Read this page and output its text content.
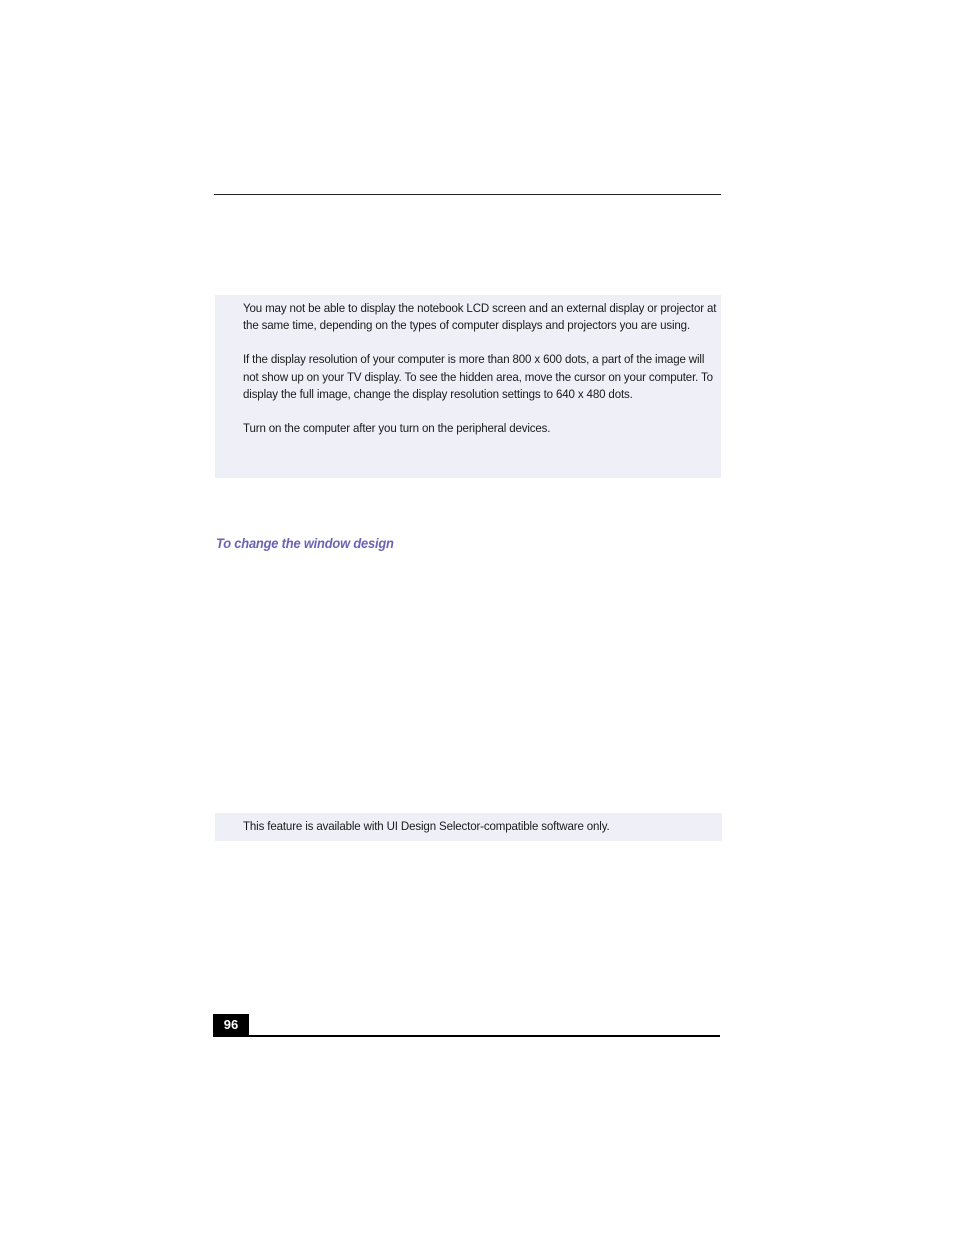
You may not be able to display the notebook LCD screen and an external display or projector at the same time, depending on the types of computer displays and projectors you are using.

If the display resolution of your computer is more than 800 x 600 dots, a part of the image will not show up on your TV display. To see the hidden area, move the cursor on your computer. To display the full image, change the display resolution settings to 640 x 480 dots.

Turn on the computer after you turn on the peripheral devices.

To change the window design

This feature is available with UI Design Selector-compatible software only.

96
